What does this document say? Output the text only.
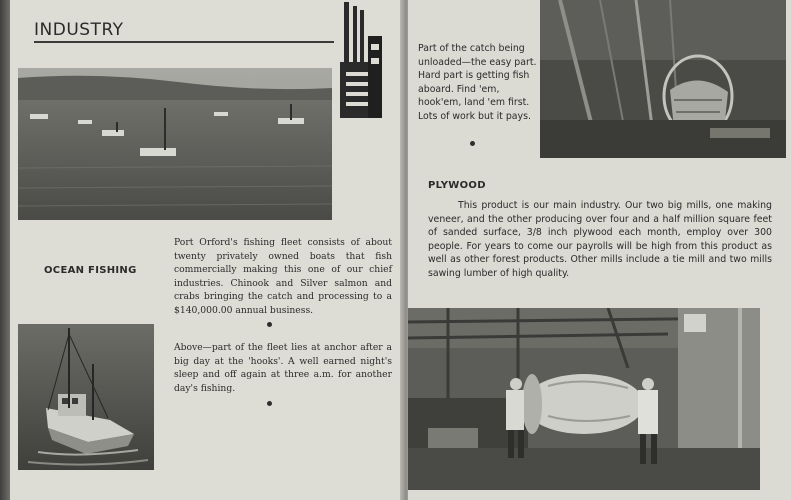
INDUSTRY
OCEAN FISHING
Port Orford's fishing fleet consists of about twenty privately owned boats that fish commercially making this one of our chief industries. Chinook and Silver salmon and crabs bringing the catch and processing to a $140,000.00 annual business.
Above—part of the fleet lies at anchor after a big day at the 'hooks'. A well earned night's sleep and off again at three a.m. for another day's fishing.
Part of the catch being unloaded—the easy part. Hard part is getting fish aboard. Find 'em, hook'em, land 'em first. Lots of work but it pays.
PLYWOOD
This product is our main industry. Our two big mills, one making veneer, and the other producing over four and a half million square feet of sanded surface, 3/8 inch plywood each month, employ over 300 people. For years to come our payrolls will be high from this product as well as other forest products. Other mills include a tie mill and two mills sawing lumber of high quality.
